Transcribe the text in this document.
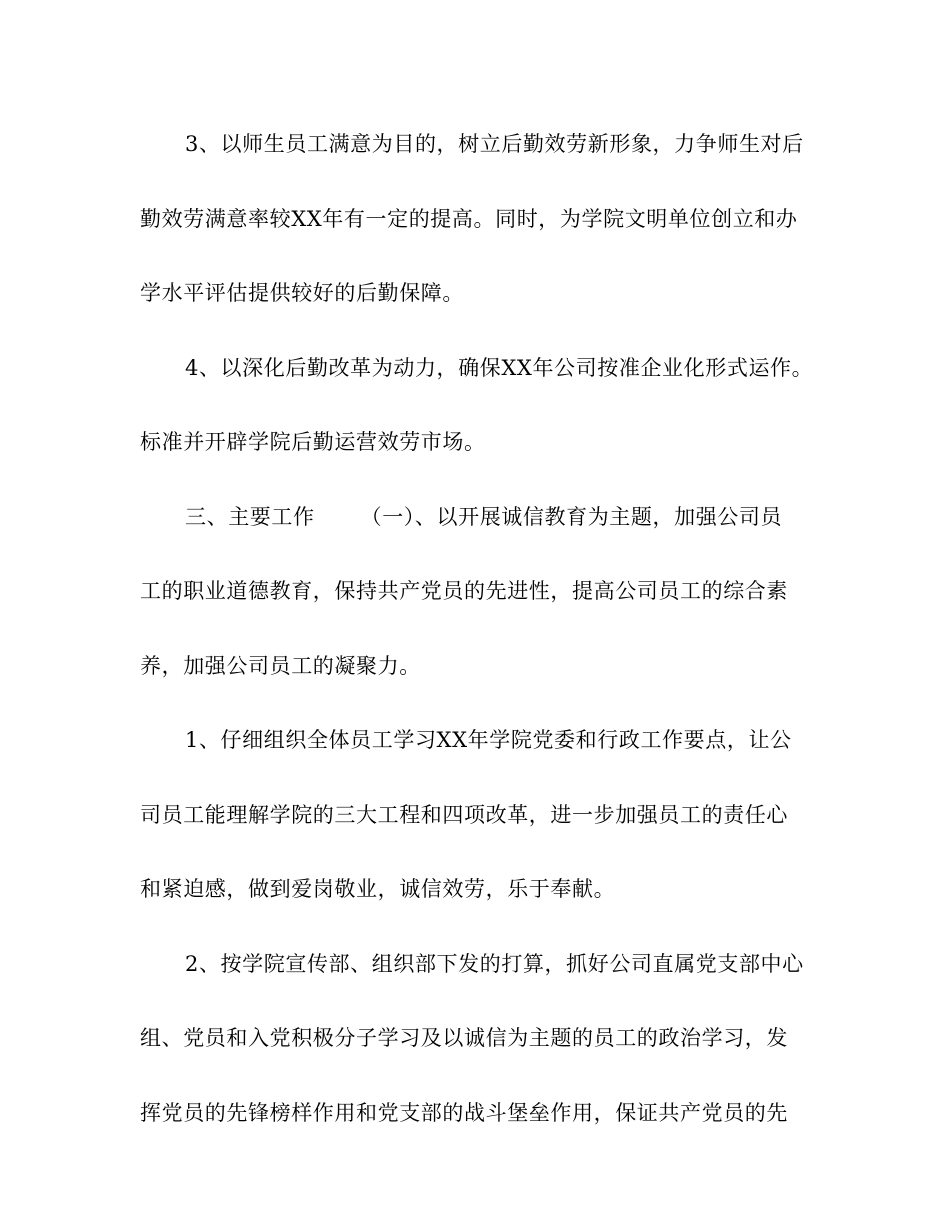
3、以师生员工满意为目的，树立后勤效劳新形象，力争师生对后
勤效劳满意率较XX年有一定的提高。同时，为学院文明单位创立和办
学水平评估提供较好的后勤保障。
4、以深化后勤改革为动力，确保XX年公司按准企业化形式运作。
标准并开辟学院后勤运营效劳市场。
三、主要工作 （一）、以开展诚信教育为主题，加强公司员
工的职业道德教育，保持共产党员的先进性，提高公司员工的综合素
养，加强公司员工的凝聚力。
1、仔细组织全体员工学习XX年学院党委和行政工作要点，让公
司员工能理解学院的三大工程和四项改革，进一步加强员工的责任心
和紧迫感，做到爱岗敬业，诚信效劳，乐于奉献。
2、按学院宣传部、组织部下发的打算，抓好公司直属党支部中心
组、党员和入党积极分子学习及以诚信为主题的员工的政治学习，发
挥党员的先锋榜样作用和党支部的战斗堡垒作用，保证共产党员的先
